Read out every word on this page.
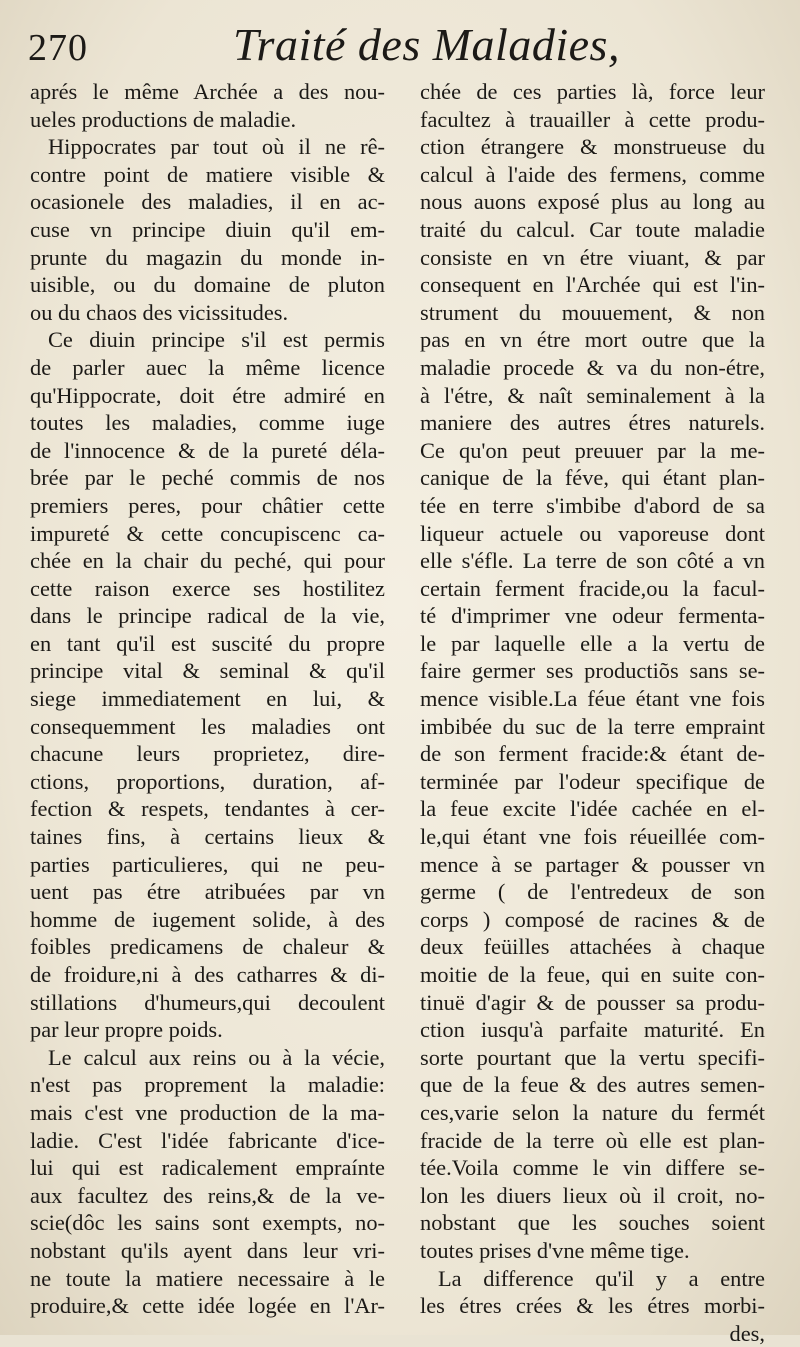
270	Traité des Maladies,
aprés le même Archée a des nou-
ueles productions de maladie.
Hippocrates par tout où il ne rê-
contre point de matiere visible &
ocasionele des maladies, il en ac-
cuse vn principe diuin qu'il em-
prunte du magazin du monde in-
uisible, ou du domaine de pluton
ou du chaos des vicissitudes.
Ce diuin principe s'il est permis
de parler auec la même licence
qu'Hippocrate, doit étre admiré en
toutes les maladies, comme iuge
de l'innocence & de la pureté déla-
brée par le peché commis de nos
premiers peres, pour châtier cette
impureté & cette concupiscenc ca-
chée en la chair du peché, qui pour
cette raison exerce ses hostilitez
dans le principe radical de la vie,
en tant qu'il est suscité du propre
principe vital & seminal & qu'il
siege immediatement en lui, &
consequemment les maladies ont
chacune leurs proprietez, dire-
ctions, proportions, duration, af-
fection & respets, tendantes à cer-
taines fins, à certains lieux &
parties particulieres, qui ne peu-
uent pas étre atribuées par vn
homme de iugement solide, à des
foibles predicamens de chaleur &
de froidure,ni à des catharres & di-
stillations d'humeurs,qui decoulent
par leur propre poids.
Le calcul aux reins ou à la vécie,
n'est pas proprement la maladie:
mais c'est vne production de la ma-
ladie. C'est l'idée fabricante d'ice-
lui qui est radicalement empraínte
aux facultez des reins,& de la ve-
scie(dôc les sains sont exempts, no-
nobstant qu'ils ayent dans leur vri-
ne toute la matiere necessaire à le
produire,& cette idée logée en l'Ar-
chée de ces parties là, force leur
facultez à trauailler à cette produ-
ction étrangere & monstrueuse du
calcul à l'aide des fermens, comme
nous auons exposé plus au long au
traité du calcul. Car toute maladie
consiste en vn étre viuant, & par
consequent en l'Archée qui est l'in-
strument du mouuement, & non
pas en vn étre mort outre que la
maladie procede & va du non-étre,
à l'étre, & naît seminalement à la
maniere des autres étres naturels.
Ce qu'on peut preuuer par la me-
canique de la féve, qui étant plan-
tée en terre s'imbibe d'abord de sa
liqueur actuele ou vaporeuse dont
elle s'éfle. La terre de son côté a vn
certain ferment fracide,ou la facul-
té d'imprimer vne odeur fermenta-
le par laquelle elle a la vertu de
faire germer ses productiõs sans se-
mence visible.La féue étant vne fois
imbibée du suc de la terre empraint
de son ferment fracide:& étant de-
terminée par l'odeur specifique de
la feue excite l'idée cachée en el-
le,qui étant vne fois réueillée com-
mence à se partager & pousser vn
germe ( de l'entredeux de son
corps ) composé de racines & de
deux feüilles attachées à chaque
moitie de la feue, qui en suite con-
tinuë d'agir & de pousser sa produ-
ction iusqu'à parfaite maturité. En
sorte pourtant que la vertu specifi-
que de la feue & des autres semen-
ces,varie selon la nature du fermét
fracide de la terre où elle est plan-
tée.Voila comme le vin differe se-
lon les diuers lieux où il croit, no-
nobstant que les souches soient
toutes prises d'vne même tige.
La difference qu'il y a entre
les étres crées & les étres morbi-
des,
